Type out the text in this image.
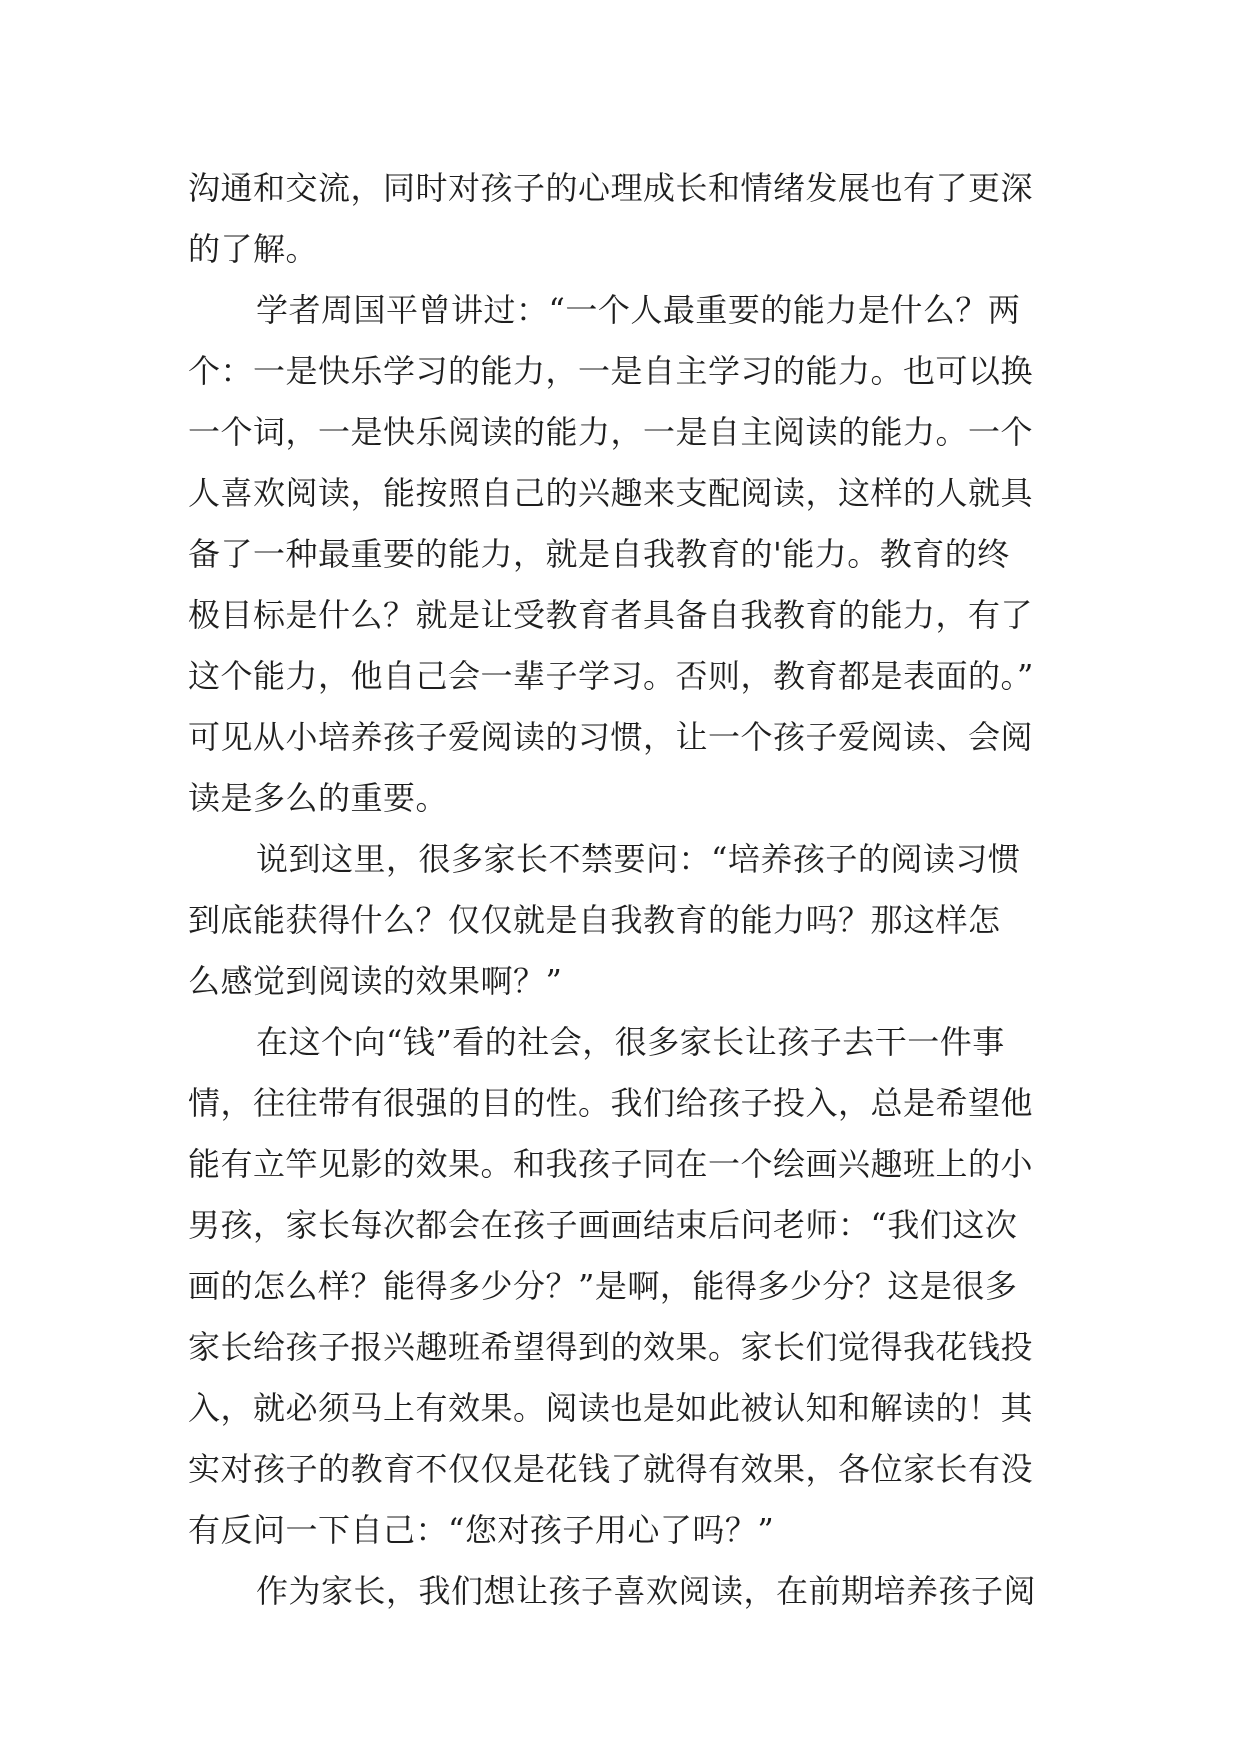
沟通和交流，同时对孩子的心理成长和情绪发展也有了更深
的了解。
学者周国平曾讲过：“一个人最重要的能力是什么？两
个：一是快乐学习的能力，一是自主学习的能力。也可以换
一个词，一是快乐阅读的能力，一是自主阅读的能力。一个
人喜欢阅读，能按照自己的兴趣来支配阅读，这样的人就具
备了一种最重要的能力，就是自我教育的'能力。教育的终
极目标是什么？就是让受教育者具备自我教育的能力，有了
这个能力，他自己会一辈子学习。否则，教育都是表面的。”
可见从小培养孩子爱阅读的习惯，让一个孩子爱阅读、会阅
读是多么的重要。
说到这里，很多家长不禁要问：“培养孩子的阅读习惯
到底能获得什么？仅仅就是自我教育的能力吗？那这样怎
么感觉到阅读的效果啊？”
在这个向“钱”看的社会，很多家长让孩子去干一件事
情，往往带有很强的目的性。我们给孩子投入，总是希望他
能有立竿见影的效果。和我孩子同在一个绘画兴趣班上的小
男孩，家长每次都会在孩子画画结束后问老师：“我们这次
画的怎么样？能得多少分？”是啊，能得多少分？这是很多
家长给孩子报兴趣班希望得到的效果。家长们觉得我花钱投
入，就必须马上有效果。阅读也是如此被认知和解读的！其
实对孩子的教育不仅仅是花钱了就得有效果，各位家长有没
有反问一下自己：“您对孩子用心了吗？”
作为家长，我们想让孩子喜欢阅读，在前期培养孩子阅
